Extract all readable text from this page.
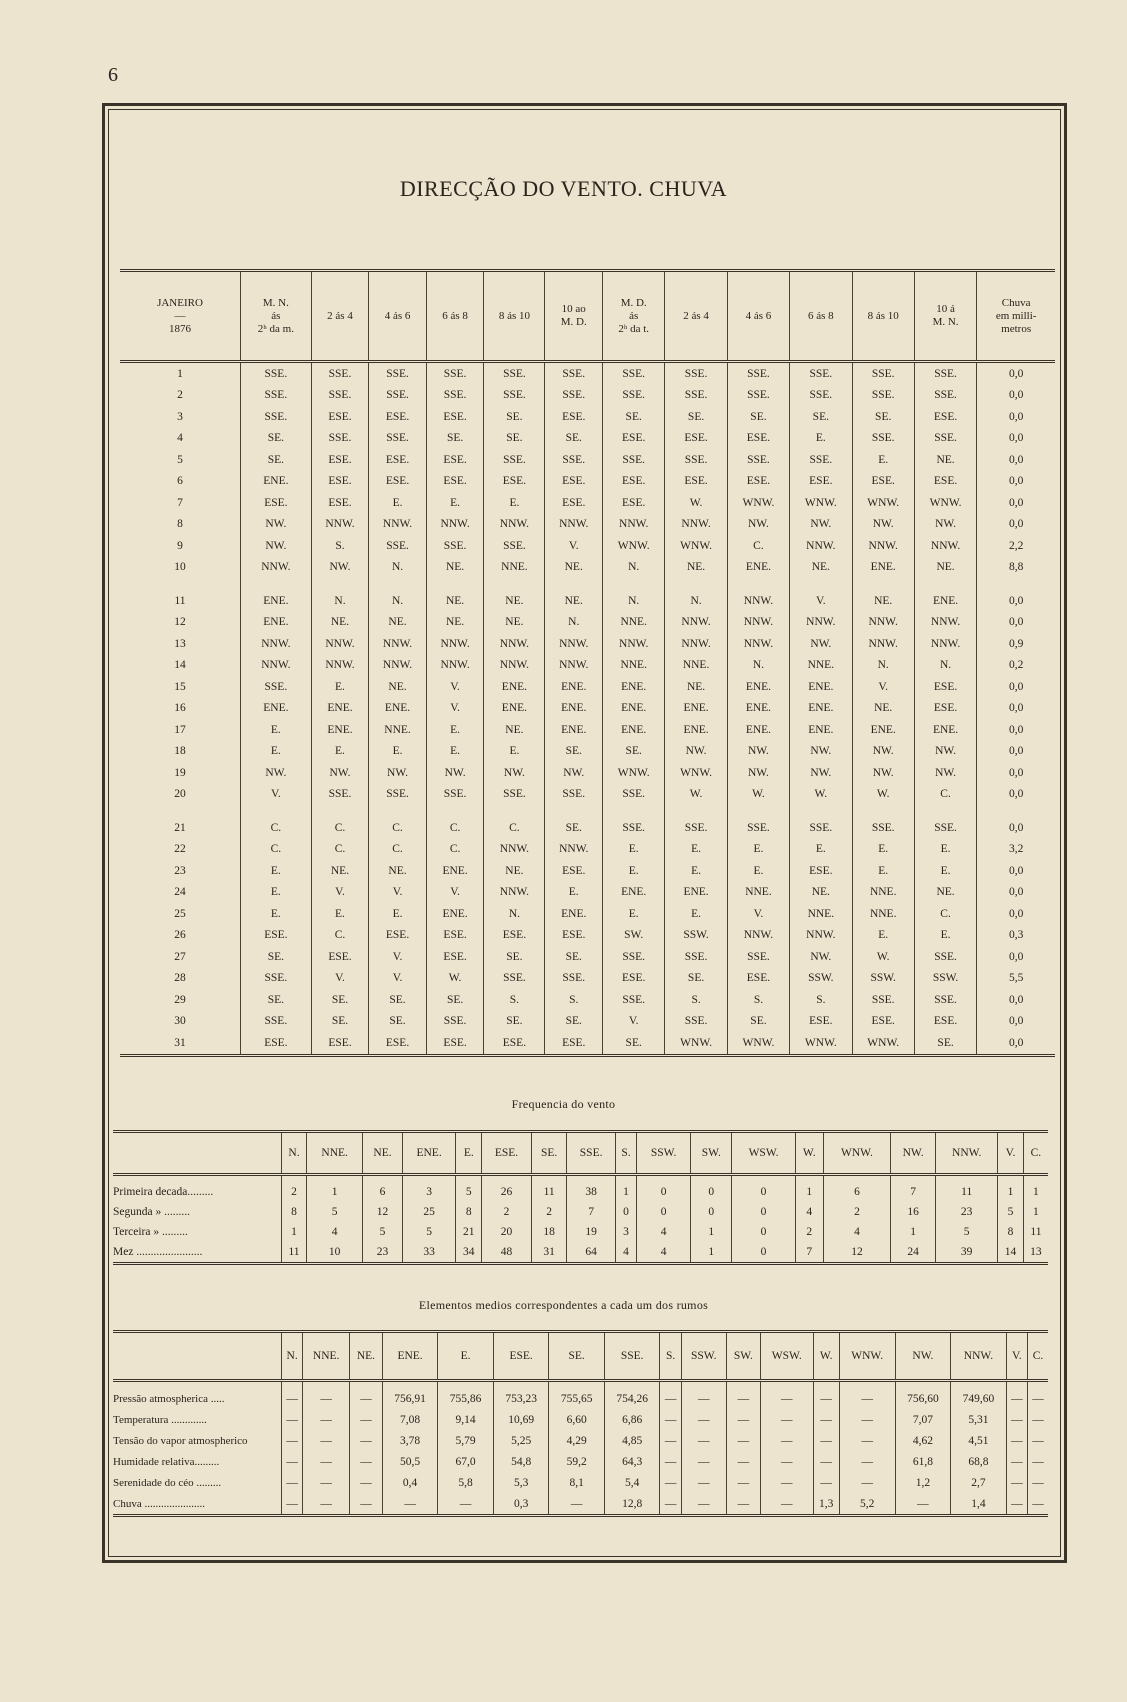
6
DIRECÇÃO DO VENTO. CHUVA
JANEIRO
—
1876	M. N.
ás
2ʰ da m.	2 ás 4	4 ás 6	6 ás 8	8 ás 10	10 ao
M. D.	M. D.
ás
2ʰ da t.	2 ás 4	4 ás 6	6 ás 8	8 ás 10	10 á
M. N.	Chuva
em milli-
metros

1	SSE.	SSE.	SSE.	SSE.	SSE.	SSE.	SSE.	SSE.	SSE.	SSE.	SSE.	SSE.	0,0
2	SSE.	SSE.	SSE.	SSE.	SSE.	SSE.	SSE.	SSE.	SSE.	SSE.	SSE.	SSE.	0,0
3	SSE.	ESE.	ESE.	ESE.	SE.	ESE.	SE.	SE.	SE.	SE.	SE.	ESE.	0,0
4	SE.	SSE.	SSE.	SE.	SE.	SE.	ESE.	ESE.	ESE.	E.	SSE.	SSE.	0,0
5	SE.	ESE.	ESE.	ESE.	SSE.	SSE.	SSE.	SSE.	SSE.	SSE.	E.	NE.	0,0
6	ENE.	ESE.	ESE.	ESE.	ESE.	ESE.	ESE.	ESE.	ESE.	ESE.	ESE.	ESE.	0,0
7	ESE.	ESE.	E.	E.	E.	ESE.	ESE.	W.	WNW.	WNW.	WNW.	WNW.	0,0
8	NW.	NNW.	NNW.	NNW.	NNW.	NNW.	NNW.	NNW.	NW.	NW.	NW.	NW.	0,0
9	NW.	S.	SSE.	SSE.	SSE.	V.	WNW.	WNW.	C.	NNW.	NNW.	NNW.	2,2
10	NNW.	NW.	N.	NE.	NNE.	NE.	N.	NE.	ENE.	NE.	ENE.	NE.	8,8

11	ENE.	N.	N.	NE.	NE.	NE.	N.	N.	NNW.	V.	NE.	ENE.	0,0
12	ENE.	NE.	NE.	NE.	NE.	N.	NNE.	NNW.	NNW.	NNW.	NNW.	NNW.	0,0
13	NNW.	NNW.	NNW.	NNW.	NNW.	NNW.	NNW.	NNW.	NNW.	NW.	NNW.	NNW.	0,9
14	NNW.	NNW.	NNW.	NNW.	NNW.	NNW.	NNE.	NNE.	N.	NNE.	N.	N.	0,2
15	SSE.	E.	NE.	V.	ENE.	ENE.	ENE.	NE.	ENE.	ENE.	V.	ESE.	0,0
16	ENE.	ENE.	ENE.	V.	ENE.	ENE.	ENE.	ENE.	ENE.	ENE.	NE.	ESE.	0,0
17	E.	ENE.	NNE.	E.	NE.	ENE.	ENE.	ENE.	ENE.	ENE.	ENE.	ENE.	0,0
18	E.	E.	E.	E.	E.	SE.	SE.	NW.	NW.	NW.	NW.	NW.	0,0
19	NW.	NW.	NW.	NW.	NW.	NW.	WNW.	WNW.	NW.	NW.	NW.	NW.	0,0
20	V.	SSE.	SSE.	SSE.	SSE.	SSE.	SSE.	W.	W.	W.	W.	C.	0,0

21	C.	C.	C.	C.	C.	SE.	SSE.	SSE.	SSE.	SSE.	SSE.	SSE.	0,0
22	C.	C.	C.	C.	NNW.	NNW.	E.	E.	E.	E.	E.	E.	3,2
23	E.	NE.	NE.	ENE.	NE.	ESE.	E.	E.	E.	ESE.	E.	E.	0,0
24	E.	V.	V.	V.	NNW.	E.	ENE.	ENE.	NNE.	NE.	NNE.	NE.	0,0
25	E.	E.	E.	ENE.	N.	ENE.	E.	E.	V.	NNE.	NNE.	C.	0,0
26	ESE.	C.	ESE.	ESE.	ESE.	ESE.	SW.	SSW.	NNW.	NNW.	E.	E.	0,3
27	SE.	ESE.	V.	ESE.	SE.	SE.	SSE.	SSE.	SSE.	NW.	W.	SSE.	0,0
28	SSE.	V.	V.	W.	SSE.	SSE.	ESE.	SE.	ESE.	SSW.	SSW.	SSW.	5,5
29	SE.	SE.	SE.	SE.	S.	S.	SSE.	S.	S.	S.	SSE.	SSE.	0,0
30	SSE.	SE.	SE.	SSE.	SE.	SE.	V.	SSE.	SE.	ESE.	ESE.	ESE.	0,0
31	ESE.	ESE.	ESE.	ESE.	ESE.	ESE.	SE.	WNW.	WNW.	WNW.	WNW.	SE.	0,0
Frequencia do vento
	N.	NNE.	NE.	ENE.	E.	ESE.	SE.	SSE.	S.	SSW.	SW.	WSW.	W.	WNW.	NW.	NNW.	V.	C.
Primeira decada.........	2	1	6	3	5	26	11	38	1	0	0	0	1	6	7	11	1	1
Segunda » .........	8	5	12	25	8	2	2	7	0	0	0	0	4	2	16	23	5	1
Terceira » .........	1	4	5	5	21	20	18	19	3	4	1	0	2	4	1	5	8	11
Mez .......................	11	10	23	33	34	48	31	64	4	4	1	0	7	12	24	39	14	13
Elementos medios correspondentes a cada um dos rumos
	N.	NNE.	NE.	ENE.	E.	ESE.	SE.	SSE.	S.	SSW.	SW.	WSW.	W.	WNW.	NW.	NNW.	V.	C.
Pressão atmospherica .....	—	—	—	756,91	755,86	753,23	755,65	754,26	—	—	—	—	—	—	756,60	749,60	—	—
Temperatura .............	—	—	—	7,08	9,14	10,69	6,60	6,86	—	—	—	—	—	—	7,07	5,31	—	—
Tensão do vapor atmospherico	—	—	—	3,78	5,79	5,25	4,29	4,85	—	—	—	—	—	—	4,62	4,51	—	—
Humidade relativa.........	—	—	—	50,5	67,0	54,8	59,2	64,3	—	—	—	—	—	—	61,8	68,8	—	—
Serenidade do céo .........	—	—	—	0,4	5,8	5,3	8,1	5,4	—	—	—	—	—	—	1,2	2,7	—	—
Chuva ......................	—	—	—	—	—	0,3	—	12,8	—	—	—	—	1,3	5,2	—	1,4	—	—
